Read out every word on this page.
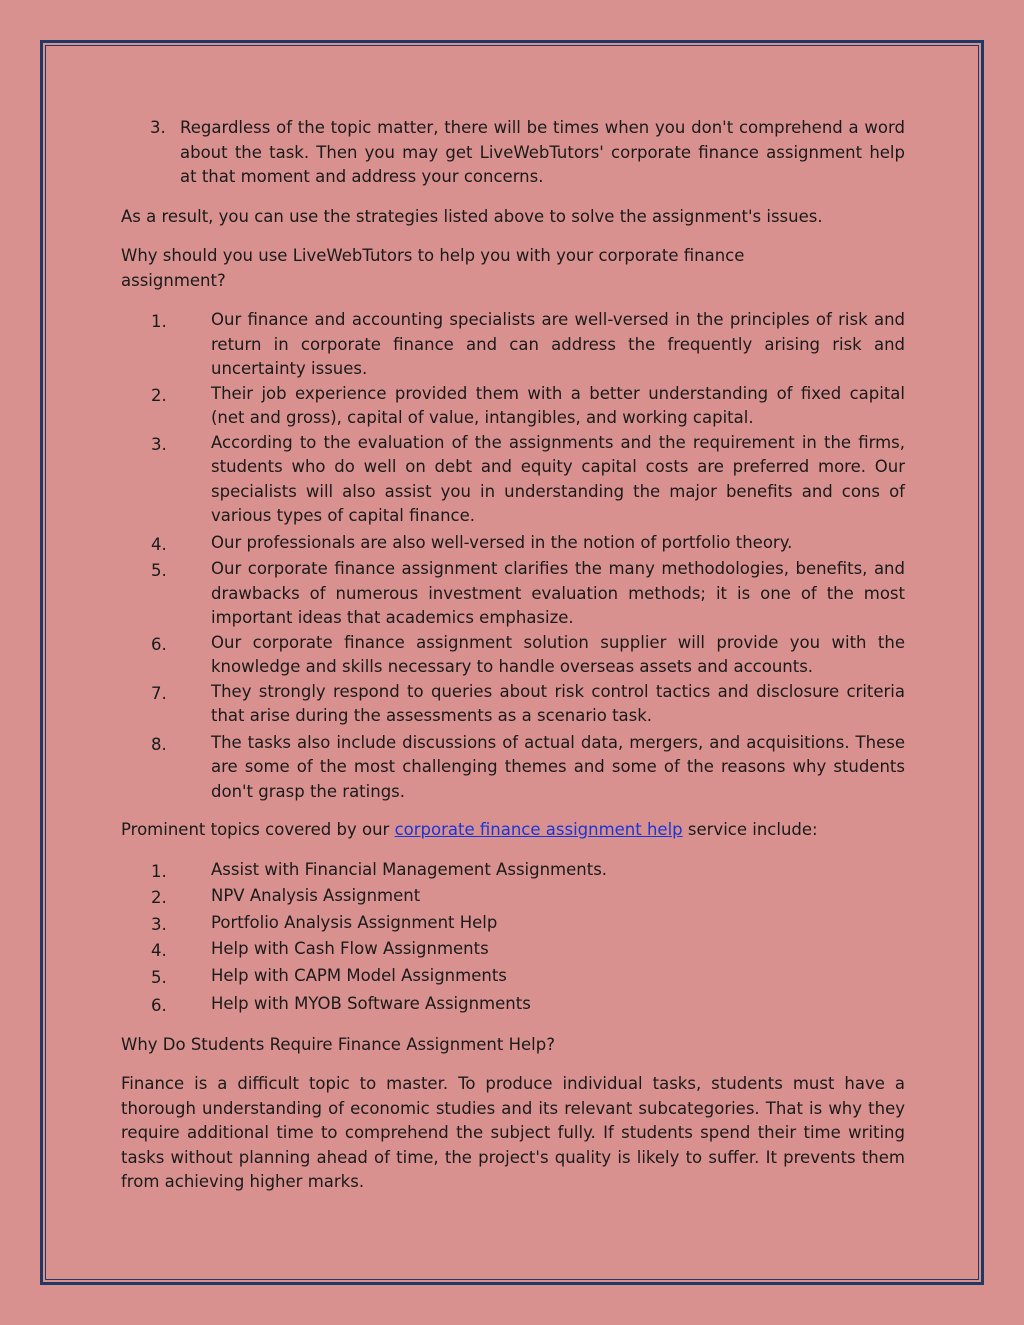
3. Regardless of the topic matter, there will be times when you don't comprehend a word about the task. Then you may get LiveWebTutors' corporate finance assignment help at that moment and address your concerns.

As a result, you can use the strategies listed above to solve the assignment's issues.

Why should you use LiveWebTutors to help you with your corporate finance assignment?

1.	Our finance and accounting specialists are well-versed in the principles of risk and return in corporate finance and can address the frequently arising risk and uncertainty issues.
2.	Their job experience provided them with a better understanding of fixed capital (net and gross), capital of value, intangibles, and working capital.
3.	According to the evaluation of the assignments and the requirement in the firms, students who do well on debt and equity capital costs are preferred more. Our specialists will also assist you in understanding the major benefits and cons of various types of capital finance.
4.	Our professionals are also well-versed in the notion of portfolio theory.
5.	Our corporate finance assignment clarifies the many methodologies, benefits, and drawbacks of numerous investment evaluation methods; it is one of the most important ideas that academics emphasize.
6.	Our corporate finance assignment solution supplier will provide you with the knowledge and skills necessary to handle overseas assets and accounts.
7.	They strongly respond to queries about risk control tactics and disclosure criteria that arise during the assessments as a scenario task.
8.	The tasks also include discussions of actual data, mergers, and acquisitions. These are some of the most challenging themes and some of the reasons why students don't grasp the ratings.

Prominent topics covered by our corporate finance assignment help service include:

1.	Assist with Financial Management Assignments.
2.	NPV Analysis Assignment
3.	Portfolio Analysis Assignment Help
4.	Help with Cash Flow Assignments
5.	Help with CAPM Model Assignments
6.	Help with MYOB Software Assignments

Why Do Students Require Finance Assignment Help?

Finance is a difficult topic to master. To produce individual tasks, students must have a thorough understanding of economic studies and its relevant subcategories. That is why they require additional time to comprehend the subject fully. If students spend their time writing tasks without planning ahead of time, the project's quality is likely to suffer. It prevents them from achieving higher marks.
